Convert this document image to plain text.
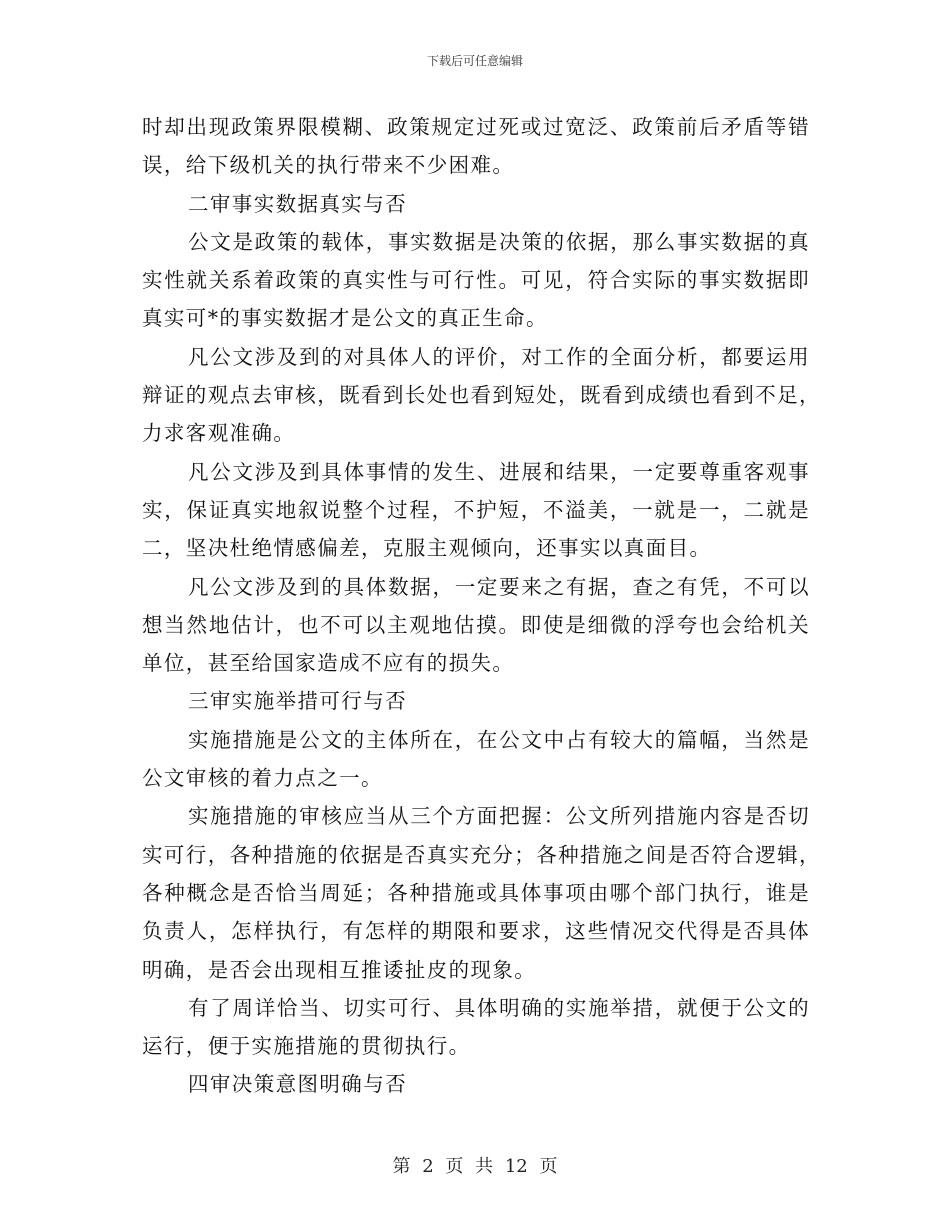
下载后可任意编辑
时却出现政策界限模糊、政策规定过死或过宽泛、政策前后矛盾等错
误，给下级机关的执行带来不少困难。
二审事实数据真实与否
公文是政策的载体，事实数据是决策的依据，那么事实数据的真
实性就关系着政策的真实性与可行性。可见，符合实际的事实数据即
真实可*的事实数据才是公文的真正生命。
凡公文涉及到的对具体人的评价，对工作的全面分析，都要运用
辩证的观点去审核，既看到长处也看到短处，既看到成绩也看到不足，
力求客观准确。
凡公文涉及到具体事情的发生、进展和结果，一定要尊重客观事
实，保证真实地叙说整个过程，不护短，不溢美，一就是一，二就是
二，坚决杜绝情感偏差，克服主观倾向，还事实以真面目。
凡公文涉及到的具体数据，一定要来之有据，查之有凭，不可以
想当然地估计，也不可以主观地估摸。即使是细微的浮夸也会给机关
单位，甚至给国家造成不应有的损失。
三审实施举措可行与否
实施措施是公文的主体所在，在公文中占有较大的篇幅，当然是
公文审核的着力点之一。
实施措施的审核应当从三个方面把握：公文所列措施内容是否切
实可行，各种措施的依据是否真实充分；各种措施之间是否符合逻辑，
各种概念是否恰当周延；各种措施或具体事项由哪个部门执行，谁是
负责人，怎样执行，有怎样的期限和要求，这些情况交代得是否具体
明确，是否会出现相互推诿扯皮的现象。
有了周详恰当、切实可行、具体明确的实施举措，就便于公文的
运行，便于实施措施的贯彻执行。
四审决策意图明确与否
第 2 页 共 12 页
